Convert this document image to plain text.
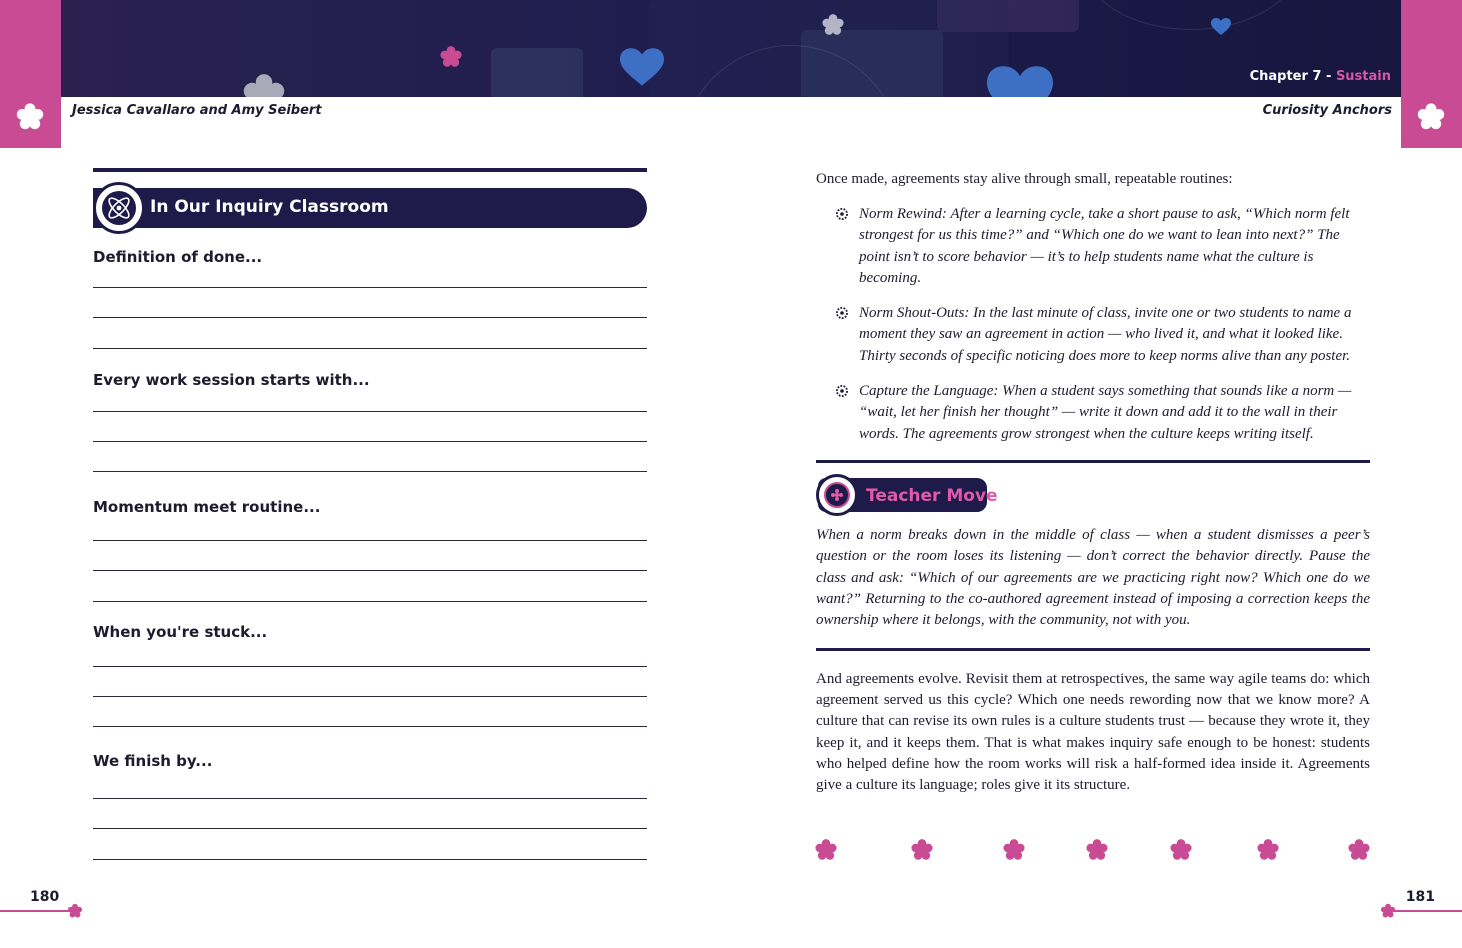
Chapter 7 - Sustain
Jessica Cavallaro and Amy Seibert	Curiosity Anchors
In Our Inquiry Classroom
Definition of done...
Every work session starts with...
Momentum meet routine...
When you're stuck...
We finish by...
180
Once made, agreements stay alive through small, repeatable routines:
Norm Rewind: After a learning cycle, take a short pause to ask, “Which norm felt strongest for us this time?” and “Which one do we want to lean into next?” The point isn’t to score behavior — it’s to help students name what the culture is becoming.
Norm Shout-Outs: In the last minute of class, invite one or two students to name a moment they saw an agreement in action — who lived it, and what it looked like. Thirty seconds of specific noticing does more to keep norms alive than any poster.
Capture the Language: When a student says something that sounds like a norm — “wait, let her finish her thought” — write it down and add it to the wall in their words. The agreements grow strongest when the culture keeps writing itself.
Teacher Move
When a norm breaks down in the middle of class — when a student dismisses a peer’s question or the room loses its listening — don’t correct the behavior directly. Pause the class and ask: “Which of our agreements are we practicing right now? Which one do we want?” Returning to the co-authored agreement instead of imposing a correction keeps the ownership where it belongs, with the community, not with you.
And agreements evolve. Revisit them at retrospectives, the same way agile teams do: which agreement served us this cycle? Which one needs rewording now that we know more? A culture that can revise its own rules is a culture students trust — because they wrote it, they keep it, and it keeps them. That is what makes inquiry safe enough to be honest: students who helped define how the room works will risk a half-formed idea inside it. Agreements give a culture its language; roles give it its structure.
181
